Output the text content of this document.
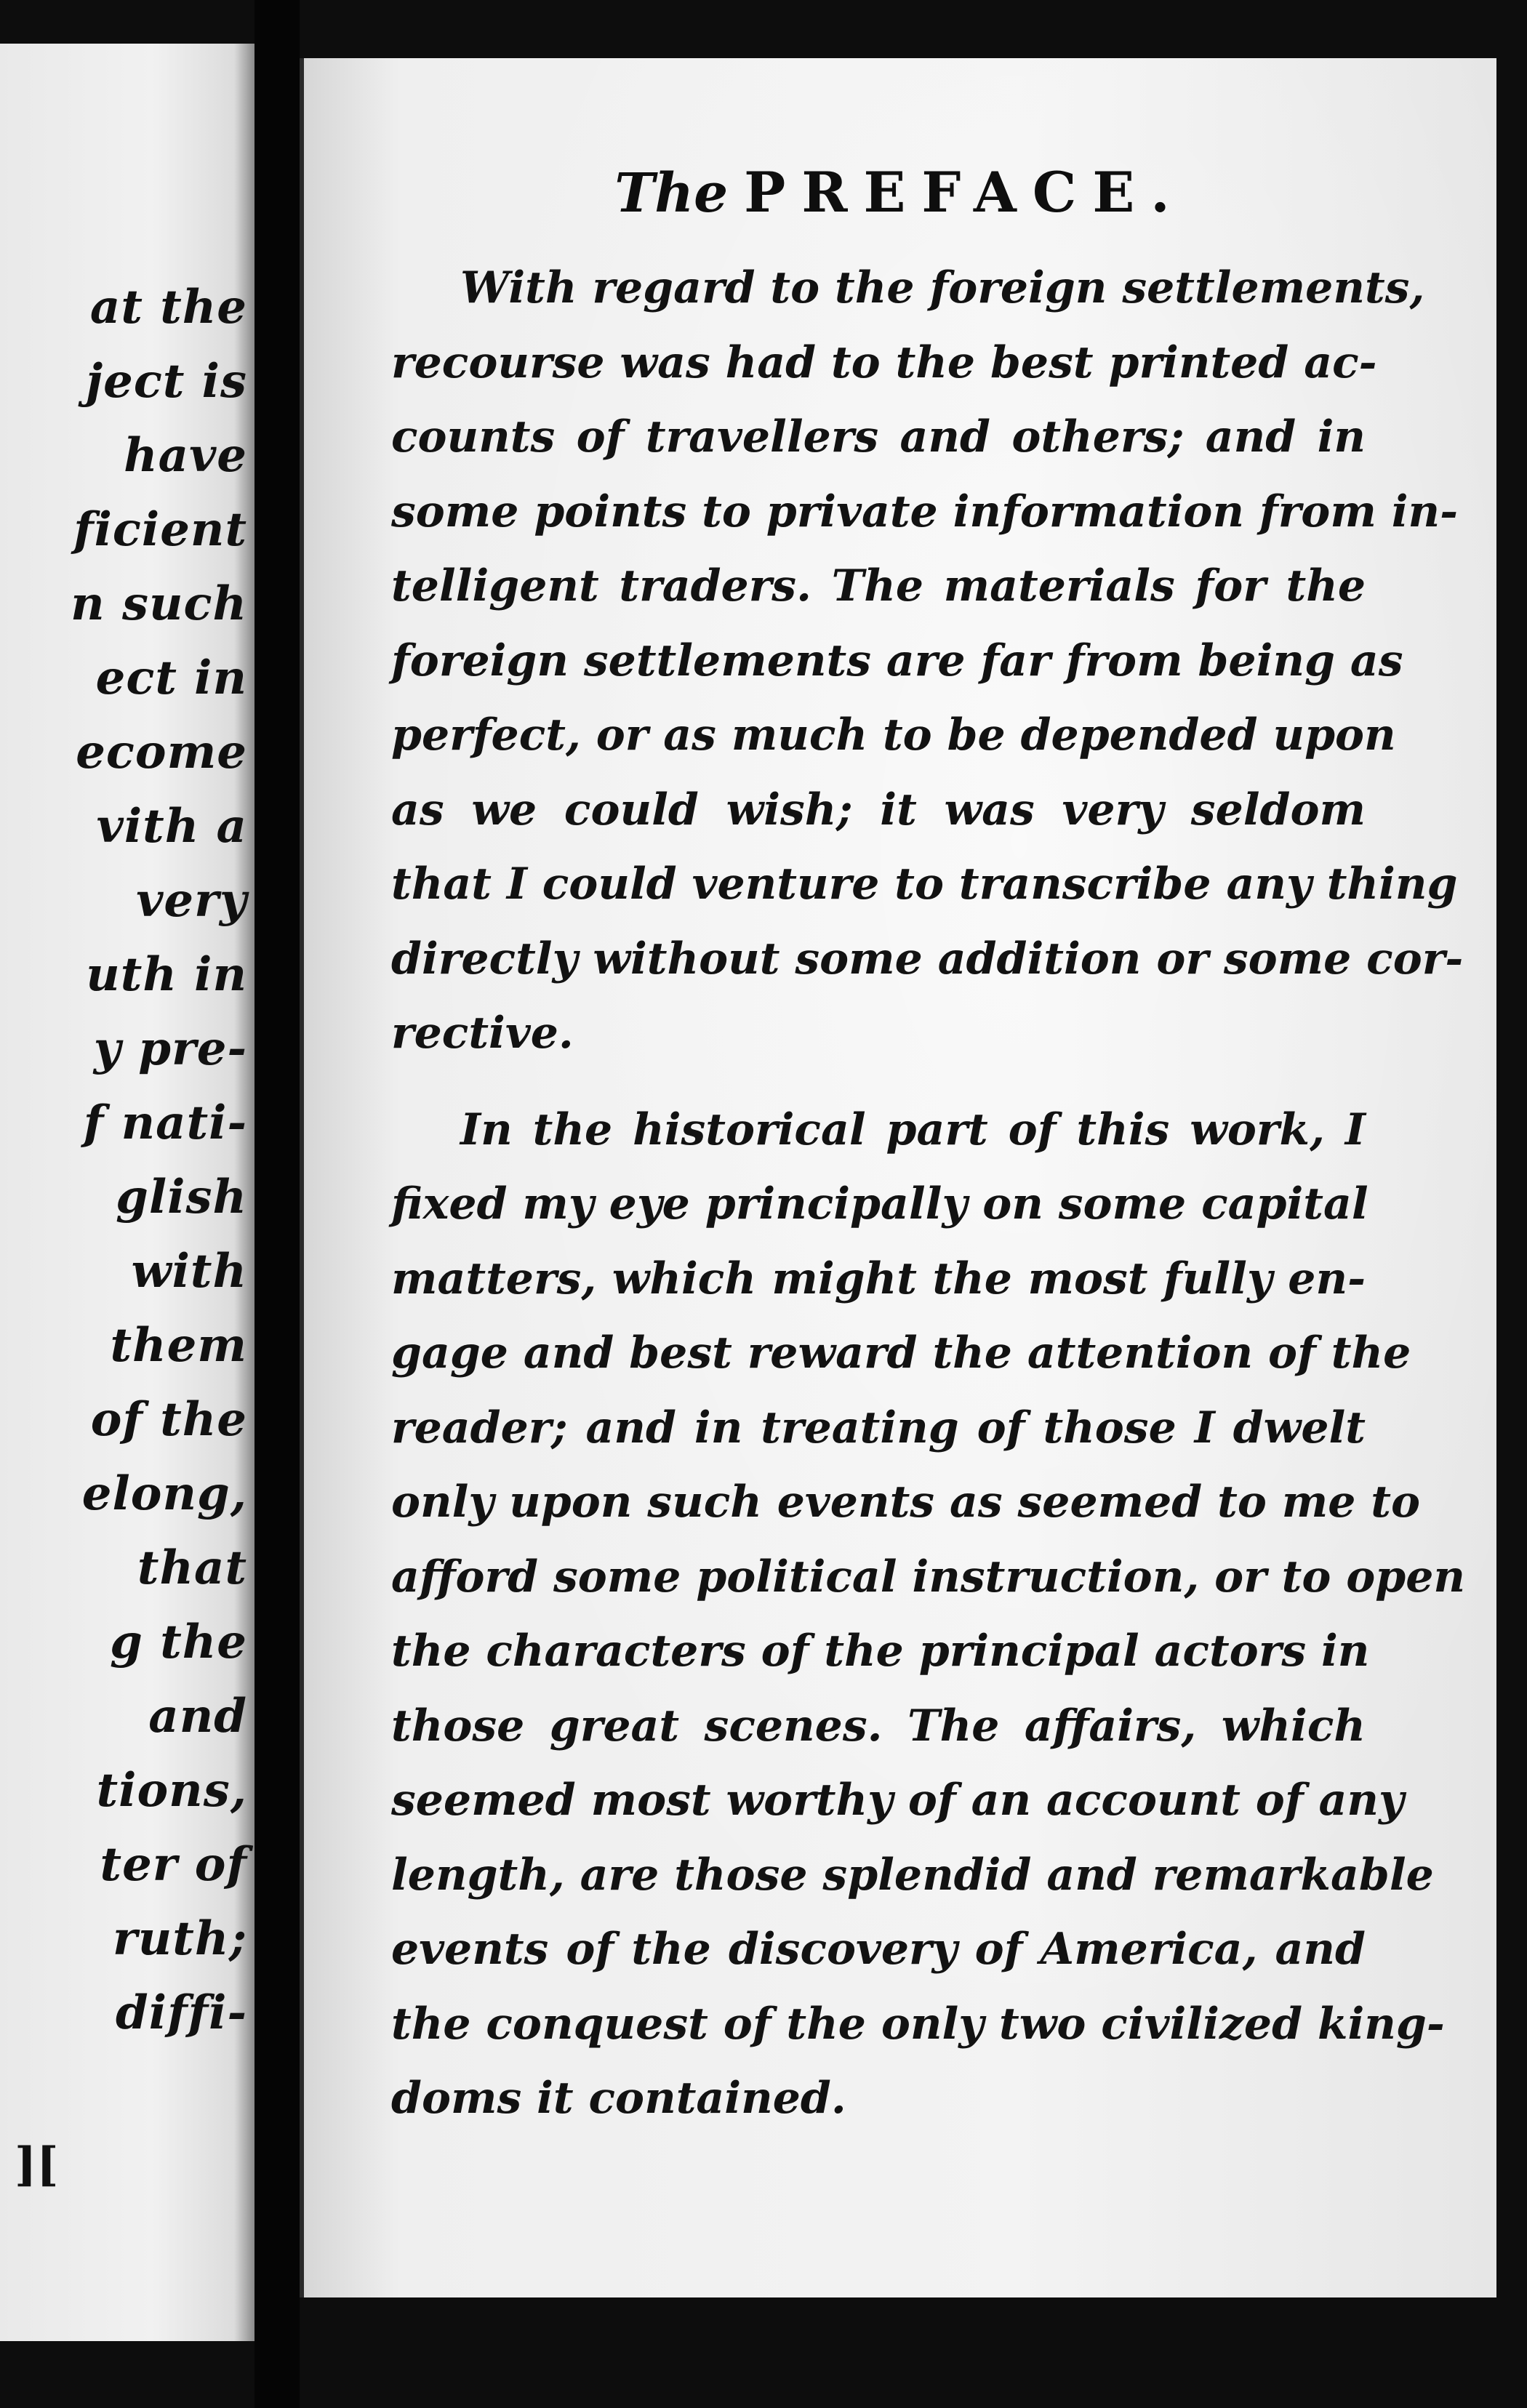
at the
ject is
have
ficient
n such
ect in
ecome
vith a
very
uth in
y pre-
f nati-
glish
with
them
of the
elong,
that
g the
and
tions,
ter of
ruth;
diffi-
][
The PREFACE.
With regard to the foreign settlements,
recourse was had to the best printed ac-
counts of travellers and others; and in
some points to private information from in-
telligent traders. The materials for the
foreign settlements are far from being as
perfect, or as much to be depended upon
as we could wish; it was very seldom
that I could venture to transcribe any thing
directly without some addition or some cor-
rective.
In the historical part of this work, I
fixed my eye principally on some capital
matters, which might the most fully en-
gage and best reward the attention of the
reader; and in treating of those I dwelt
only upon such events as seemed to me to
afford some political instruction, or to open
the characters of the principal actors in
those great scenes. The affairs, which
seemed most worthy of an account of any
length, are those splendid and remarkable
events of the discovery of America, and
the conquest of the only two civilized king-
doms it contained.
